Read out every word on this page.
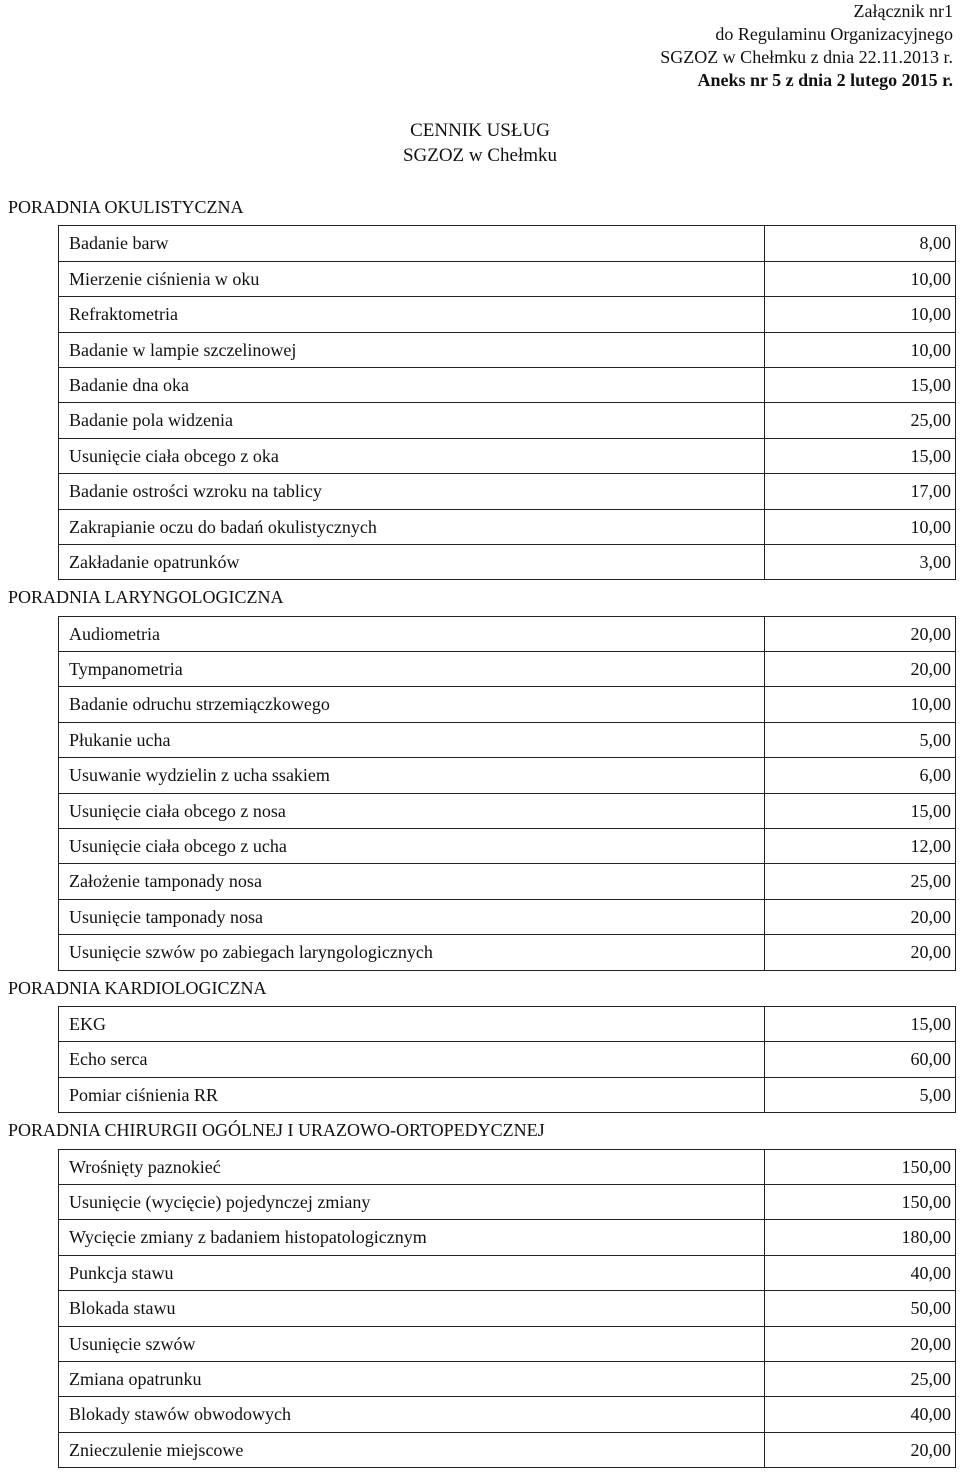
Załącznik nr1
do Regulaminu Organizacyjnego
SGZOZ w Chełmku z dnia 22.11.2013 r.
Aneks nr 5 z dnia 2 lutego 2015 r.
CENNIK USŁUG
SGZOZ w Chełmku
PORADNIA OKULISTYCZNA
Badanie barw	8,00
Mierzenie ciśnienia w oku	10,00
Refraktometria	10,00
Badanie w lampie szczelinowej	10,00
Badanie dna oka	15,00
Badanie pola widzenia	25,00
Usunięcie ciała obcego z oka	15,00
Badanie ostrości wzroku na tablicy	17,00
Zakrapianie oczu do badań okulistycznych	10,00
Zakładanie opatrunków	3,00
PORADNIA LARYNGOLOGICZNA
Audiometria	20,00
Tympanometria	20,00
Badanie odruchu strzemiączkowego	10,00
Płukanie ucha	5,00
Usuwanie wydzielin z ucha ssakiem	6,00
Usunięcie ciała obcego z nosa	15,00
Usunięcie ciała obcego z ucha	12,00
Założenie tamponady nosa	25,00
Usunięcie tamponady nosa	20,00
Usunięcie szwów po zabiegach laryngologicznych	20,00
PORADNIA KARDIOLOGICZNA
EKG	15,00
Echo serca	60,00
Pomiar ciśnienia RR	5,00
PORADNIA CHIRURGII OGÓLNEJ I URAZOWO-ORTOPEDYCZNEJ
Wrośnięty paznokieć	150,00
Usunięcie (wycięcie) pojedynczej zmiany	150,00
Wycięcie zmiany z badaniem histopatologicznym	180,00
Punkcja stawu	40,00
Blokada stawu	50,00
Usunięcie szwów	20,00
Zmiana opatrunku	25,00
Blokady stawów obwodowych	40,00
Znieczulenie miejscowe	20,00
